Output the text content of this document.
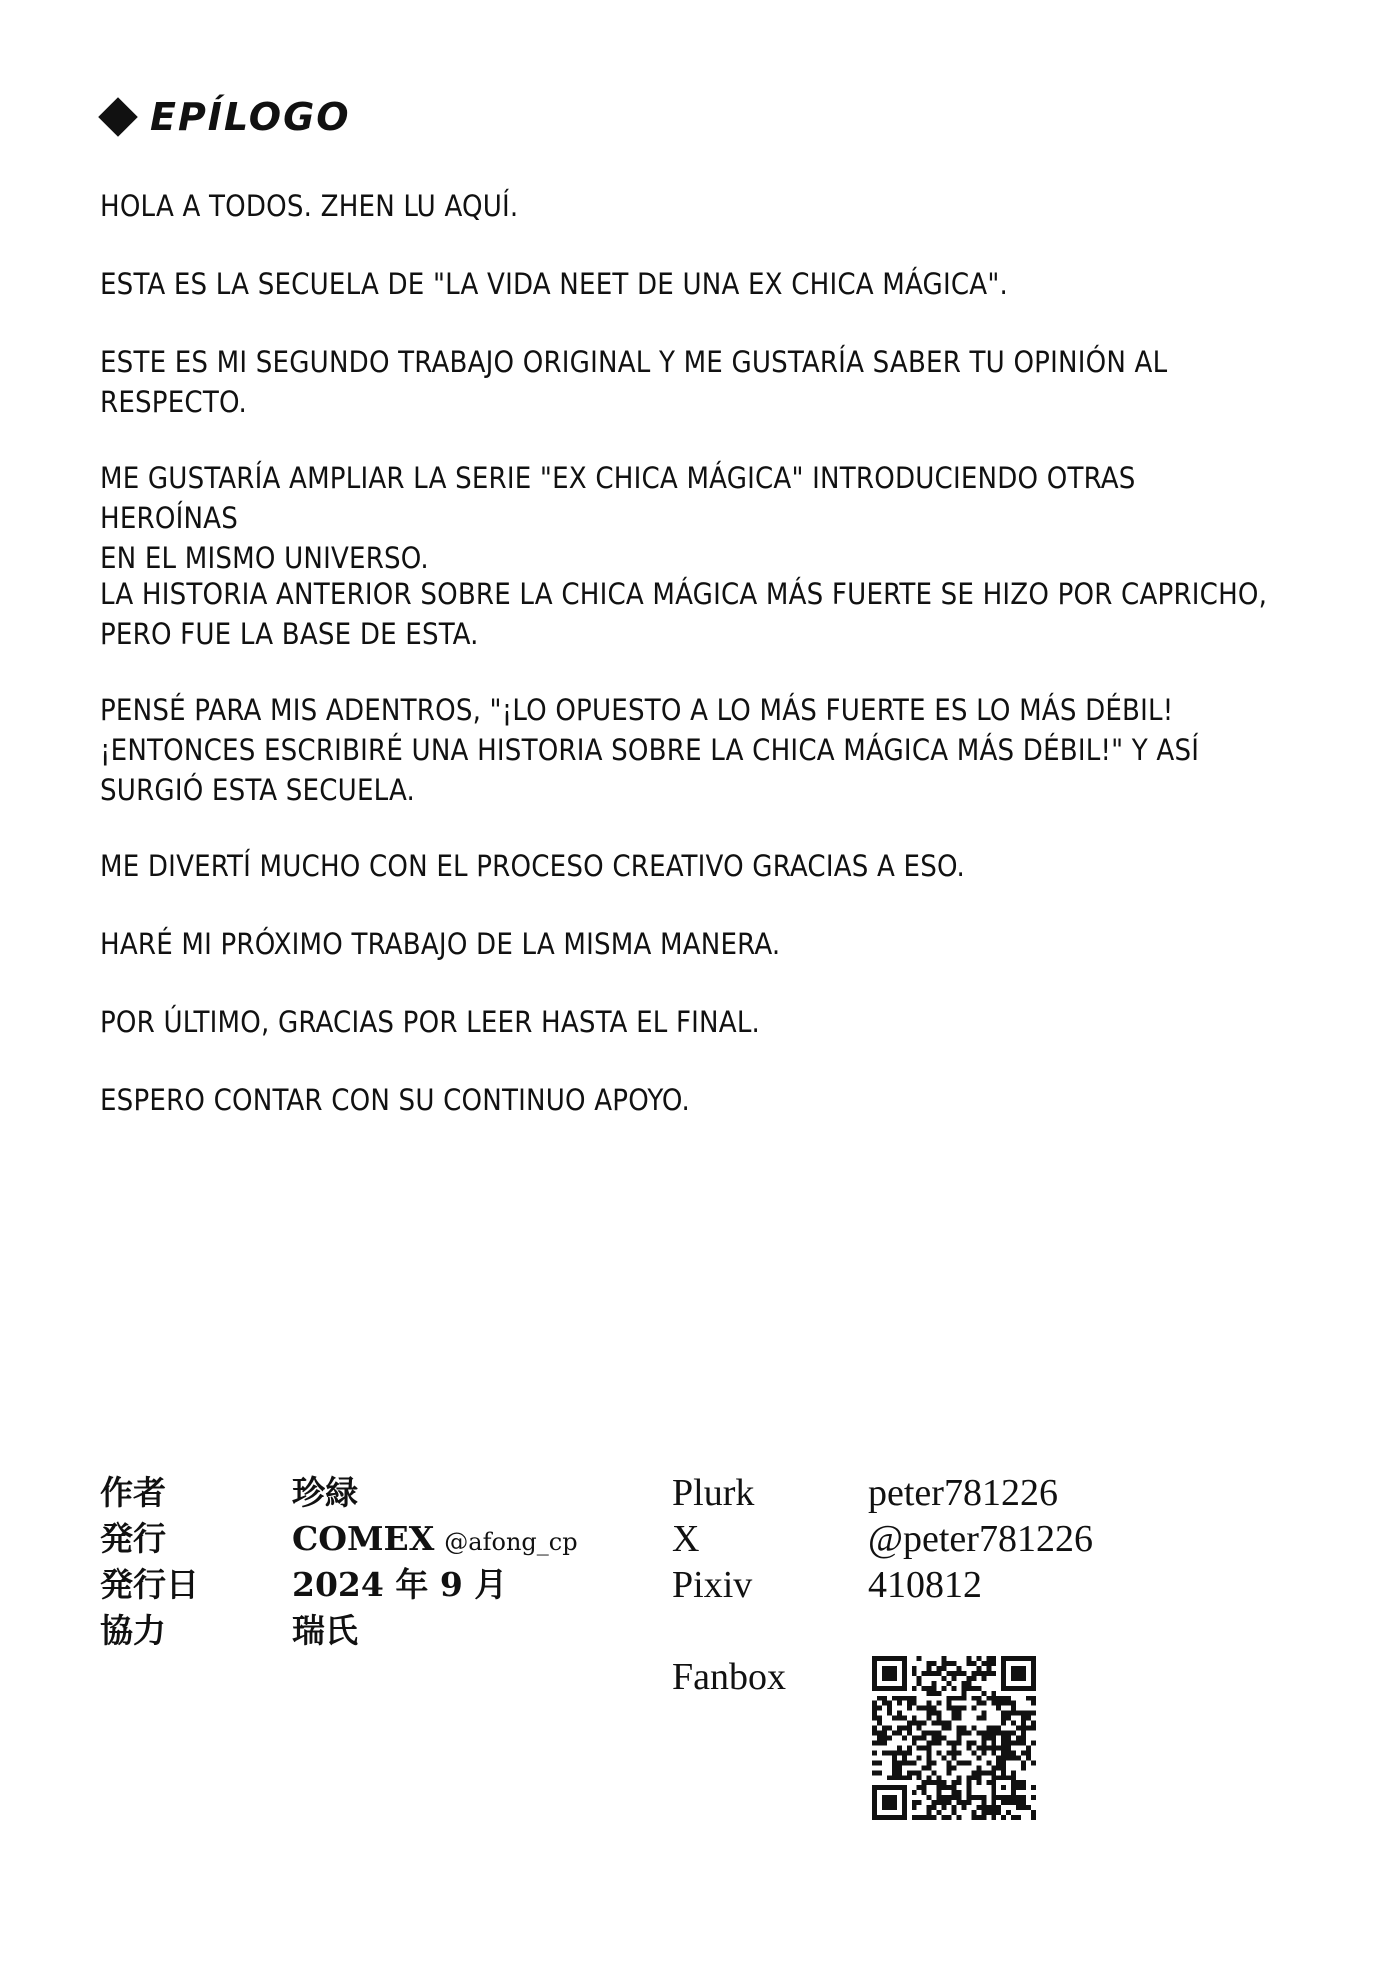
EPÍLOGO

HOLA A TODOS. ZHEN LU AQUÍ.

ESTA ES LA SECUELA DE "LA VIDA NEET DE UNA EX CHICA MÁGICA".

ESTE ES MI SEGUNDO TRABAJO ORIGINAL Y ME GUSTARÍA SABER TU OPINIÓN AL
RESPECTO.

ME GUSTARÍA AMPLIAR LA SERIE "EX CHICA MÁGICA" INTRODUCIENDO OTRAS HEROÍNAS
EN EL MISMO UNIVERSO.

LA HISTORIA ANTERIOR SOBRE LA CHICA MÁGICA MÁS FUERTE SE HIZO POR CAPRICHO,
PERO FUE LA BASE DE ESTA.

PENSÉ PARA MIS ADENTROS, "¡LO OPUESTO A LO MÁS FUERTE ES LO MÁS DÉBIL!
¡ENTONCES ESCRIBIRÉ UNA HISTORIA SOBRE LA CHICA MÁGICA MÁS DÉBIL!" Y ASÍ
SURGIÓ ESTA SECUELA.

ME DIVERTÍ MUCHO CON EL PROCESO CREATIVO GRACIAS A ESO.

HARÉ MI PRÓXIMO TRABAJO DE LA MISMA MANERA.

POR ÚLTIMO, GRACIAS POR LEER HASTA EL FINAL.

ESPERO CONTAR CON SU CONTINUO APOYO.

作者	珍緑
発行	COMEX @afong_cp
発行日	2024 年 9 月
協力	瑞氏
Plurk	peter781226
X	@peter781226
Pixiv	410812
Fanbox
